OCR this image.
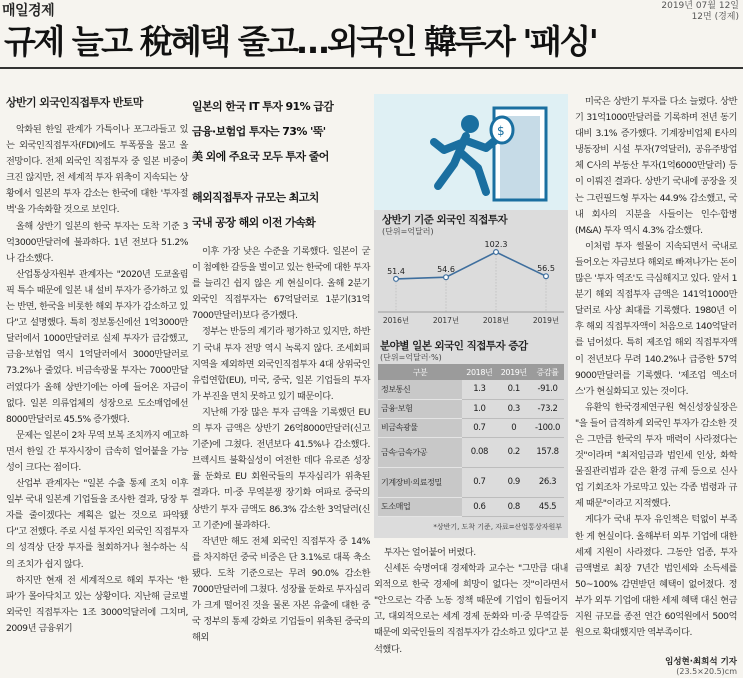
매일경제	2019년 07월 12일
12면 (경제)
규제 늘고 稅혜택 줄고…외국인 韓투자 '패싱'
상반기 외국인직접투자 반토막

악화된 한일 관계가 가특이나 포그라들고 있는 외국인직접투자(FDI)에도 투폭풍을 몰고 올 전망이다. 전체 외국인 직접투자 중 일본 비중이 크진 않지만, 전 세계적 투자 위축이 지속되는 상황에서 일본의 투자 감소는 한국에 대한 '투자절벽'을 가속화할 것으로 보인다.

올해 상반기 일본의 한국 투자는 도착 기준 3억3000만달러에 불과하다. 1년 전보다 51.2%나 감소했다.

산업통상자원부 관계자는 "2020년 도쿄올림픽 특수 때문에 일본 내 설비 투자가 증가하고 있는 반면, 한국을 비롯한 해외 투자가 감소하고 있다"고 설명했다. 특히 정보통신에선 1억3000만달러에서 1000만달러로 실제 투자가 급감했고, 금융·보험업 역시 1억달러에서 3000만달러로 73.2%나 줄었다. 비금속광물 투자는 7000만달러였다가 올해 상반기에는 아예 들어온 자금이 없다. 일본 의류업체의 성장으로 도소매업에선 8000만달러로 45.5% 증가했다.

문제는 일본이 2차 무역 보복 조치까지 예고하면서 한일 간 투자시장이 급속히 얼어붙을 가능성이 크다는 점이다.

산업부 관계자는 "일본 수출 통제 조치 이후 일부 국내 일본계 기업들을 조사한 결과, 당장 투자를 줄이겠다는 계획은 없는 것으로 파악됐다"고 전했다. 주로 시설 투자인 외국인 직접투자의 성격상 단장 투자를 철회하거나 철수하는 식의 조치가 쉽지 않다.

하지만 현재 전 세계적으로 해외 투자는 '한파'가 몰아닥치고 있는 상황이다. 지난해 글로벌 외국인 직접투자는 1조 3000억달러에 그치며, 2009년 금융위기

일본의 한국 IT 투자 91% 급감
금융·보험업 투자는 73% '뚝'
美 외에 주요국 모두 투자 줄어
해외직접투자 규모는 최고치
국내 공장 해외 이전 가속화

이후 가장 낮은 수준을 기록했다. 일본이 굳이 첨예한 갈등을 벌이고 있는 한국에 대한 투자를 늘리긴 쉽지 않은 게 현실이다. 올해 2분기 외국인 직접투자는 67억달러로 1분기(31억7000만달러)보다 증가했다.

정부는 반등의 계기라 평가하고 있지만, 하반기 국내 투자 전망 역시 녹록지 않다. 조세회피지역을 제외하면 외국인직접투자 4대 상위국인 유럽연합(EU), 미국, 중국, 일본 기업들의 투자가 부진을 면치 못하고 있기 때문이다.

지난해 가장 많은 투자 금액을 기록했던 EU의 투자 금액은 상반기 26억8000만달러(신고 기준)에 그쳤다. 전년보다 41.5%나 감소했다. 브렉시트 불확실성이 여전한 데다 유로존 성장률 둔화로 EU 회원국들의 투자심리가 위축된 결과다. 미·중 무역분쟁 장기화 여파로 중국의 상반기 투자 금액도 86.3% 감소한 3억달러(신고 기준)에 불과하다.

작년만 해도 전체 외국인 직접투자 중 14%를 차지하던 중국 비중은 단 3.1%로 대폭 축소됐다. 도착 기준으로는 무려 90.0% 감소한 7000만달러에 그쳤다. 성장률 둔화로 투자심리가 크게 떨어진 것을 물론 자본 유출에 대한 중국 정부의 통제 강화로 기업들이 위축된 중국의 해외

$
상반기 기준 외국인 직접투자
(단위=억달러)
51.4
2016년
54.6
2017년
102.3
2018년
56.5
2019년
분야별 일본 외국인 직접투자 증감
(단위=억달러·%)
구분	2018년	2019년	증감률
정보통신	1.3	0.1	-91.0
금융·보험	1.0	0.3	-73.2
비금속광물	0.7	0	-100.0
금속·금속가공	0.08	0.2	157.8
기계장비·의료정밀	0.7	0.9	26.3
도소매업	0.6	0.8	45.5
*상반기, 도착 기준, 자료=산업통상자원부

투자는 얼어붙어 버렸다.

신세돈 숙명여대 경제학과 교수는 "그만큼 대내외적으로 한국 경제에 희망이 없다는 것"이라면서 "안으로는 각종 노동 정책 때문에 기업이 힘들어지고, 대외적으로는 세계 경제 둔화와 미·중 무역갈등 때문에 외국인들의 직접투자가 감소하고 있다"고 분석했다.

미국은 상반기 투자를 다소 늘렸다. 상반기 31억1000만달러를 기록하며 전년 동기 대비 3.1% 증가했다. 기계장비업체 E사의 냉동장비 시설 투자(7억달러), 공유주방업체 C사의 부동산 투자(1억6000만달러) 등이 이뤄진 결과다. 상반기 국내에 공장을 짓는 그린필드형 투자는 44.9% 감소했고, 국내 회사의 지분을 사들이는 인수·합병(M&A) 투자 역시 4.3% 감소했다.

이처럼 투자 썰물이 지속되면서 국내로 들어오는 자금보다 해외로 빠져나가는 돈이 많은 '투자 역조'도 극심해지고 있다. 앞서 1분기 해외 직접투자 금액은 141억1000만달러로 사상 최대를 기록했다. 1980년 이후 해외 직접투자액이 처음으로 140억달러를 넘어섰다. 특히 제조업 해외 직접투자액이 전년보다 무려 140.2%나 급증한 57억9000만달러를 기록했다. '제조업 엑소더스'가 현실화되고 있는 것이다.

유환익 한국경제연구원 혁신성장실장은 "을 들어 급격하게 외국인 투자가 감소한 것은 그만큼 한국의 투자 매력이 사라졌다는 것"이라며 "최저임금과 법인세 인상, 화학물질관리법과 같은 환경 규제 등으로 신사업 기회조차 가로막고 있는 각종 법령과 규제 때문"이라고 지적했다.

게다가 국내 투자 유인책은 턱없이 부족한 게 현실이다. 올해부터 외투 기업에 대한 세제 지원이 사라졌다. 그동안 업종, 투자 금액별로 최장 7년간 법인세와 소득세를 50~100% 감면받던 혜택이 없어졌다. 정부가 외투 기업에 대한 세제 혜택 대신 현금 지원 규모를 종전 연간 60억원에서 500억원으로 확대했지만 역부족이다.

임성현·최희석 기자
(23.5×20.5)cm
